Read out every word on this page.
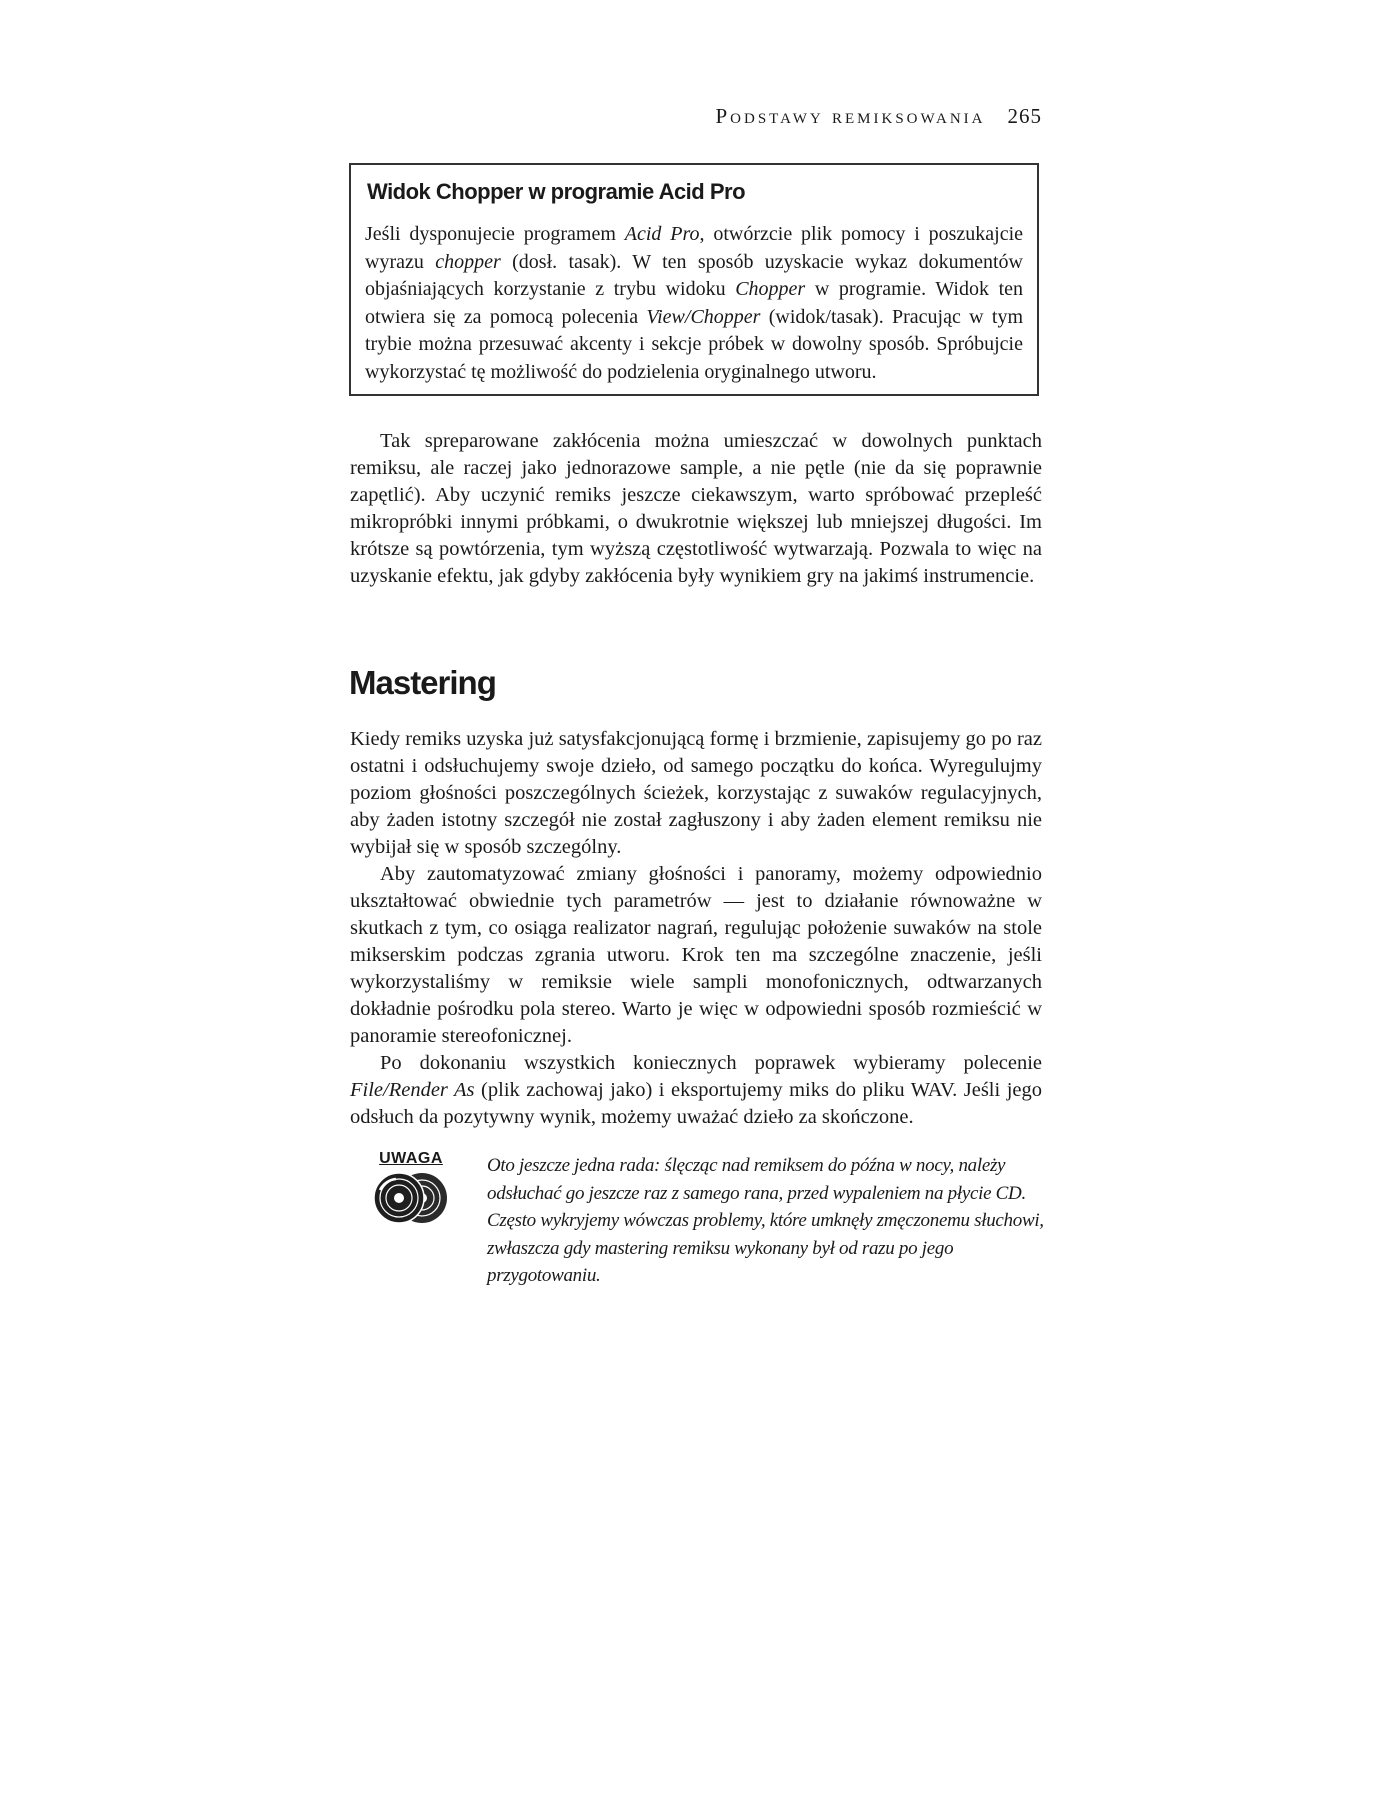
Podstawy remiksowania 265
Widok Chopper w programie Acid Pro

Jeśli dysponujecie programem Acid Pro, otwórzcie plik pomocy i poszukajcie wyrazu chopper (dosł. tasak). W ten sposób uzyskacie wykaz dokumentów objaśniających korzystanie z trybu widoku Chopper w programie. Widok ten otwiera się za pomocą polecenia View/Chopper (widok/tasak). Pracując w tym trybie można przesuwać akcenty i sekcje próbek w dowolny sposób. Spróbujcie wykorzystać tę możliwość do podzielenia oryginalnego utworu.

Tak spreparowane zakłócenia można umieszczać w dowolnych punktach remiksu, ale raczej jako jednorazowe sample, a nie pętle (nie da się poprawnie zapętlić). Aby uczynić remiks jeszcze ciekawszym, warto spróbować przepleść mikropróbki innymi próbkami, o dwukrotnie większej lub mniejszej długości. Im krótsze są powtórzenia, tym wyższą częstotliwość wytwarzają. Pozwala to więc na uzyskanie efektu, jak gdyby zakłócenia były wynikiem gry na jakimś instrumencie.

Mastering

Kiedy remiks uzyska już satysfakcjonującą formę i brzmienie, zapisujemy go po raz ostatni i odsłuchujemy swoje dzieło, od samego początku do końca. Wyregulujmy poziom głośności poszczególnych ścieżek, korzystając z suwaków regulacyjnych, aby żaden istotny szczegół nie został zagłuszony i aby żaden element remiksu nie wybijał się w sposób szczególny.

Aby zautomatyzować zmiany głośności i panoramy, możemy odpowiednio ukształtować obwiednie tych parametrów — jest to działanie równoważne w skutkach z tym, co osiąga realizator nagrań, regulując położenie suwaków na stole mikserskim podczas zgrania utworu. Krok ten ma szczególne znaczenie, jeśli wykorzystaliśmy w remiksie wiele sampli monofonicznych, odtwarzanych dokładnie pośrodku pola stereo. Warto je więc w odpowiedni sposób rozmieścić w panoramie stereofonicznej.

Po dokonaniu wszystkich koniecznych poprawek wybieramy polecenie File/Render As (plik zachowaj jako) i eksportujemy miks do pliku WAV. Jeśli jego odsłuch da pozytywny wynik, możemy uważać dzieło za skończone.

UWAGA	Oto jeszcze jedna rada: ślęcząc nad remiksem do późna w nocy, należy odsłuchać go jeszcze raz z samego rana, przed wypaleniem na płycie CD. Często wykryjemy wówczas problemy, które umknęły zmęczonemu słuchowi, zwłaszcza gdy mastering remiksu wykonany był od razu po jego przygotowaniu.
